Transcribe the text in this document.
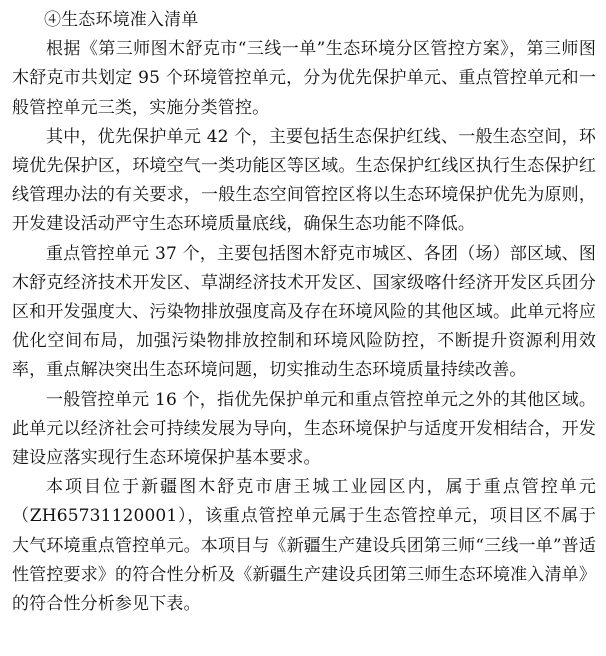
④生态环境准入清单

根据《第三师图木舒克市“三线一单”生态环境分区管控方案》，第三师图木舒克市共划定 95 个环境管控单元，分为优先保护单元、重点管控单元和一般管控单元三类，实施分类管控。

其中，优先保护单元 42 个，主要包括生态保护红线、一般生态空间，环境优先保护区，环境空气一类功能区等区域。生态保护红线区执行生态保护红线管理办法的有关要求，一般生态空间管控区将以生态环境保护优先为原则，开发建设活动严守生态环境质量底线，确保生态功能不降低。

重点管控单元 37 个，主要包括图木舒克市城区、各团（场）部区域、图木舒克经济技术开发区、草湖经济技术开发区、国家级喀什经济开发区兵团分区和开发强度大、污染物排放强度高及存在环境风险的其他区域。此单元将应优化空间布局，加强污染物排放控制和环境风险防控，不断提升资源利用效率，重点解决突出生态环境问题，切实推动生态环境质量持续改善。

一般管控单元 16 个，指优先保护单元和重点管控单元之外的其他区域。此单元以经济社会可持续发展为导向，生态环境保护与适度开发相结合，开发建设应落实现行生态环境保护基本要求。

本项目位于新疆图木舒克市唐王城工业园区内，属于重点管控单元（ZH65731120001），该重点管控单元属于生态管控单元，项目区不属于大气环境重点管控单元。本项目与《新疆生产建设兵团第三师“三线一单”普适性管控要求》的符合性分析及《新疆生产建设兵团第三师生态环境准入清单》的符合性分析参见下表。
